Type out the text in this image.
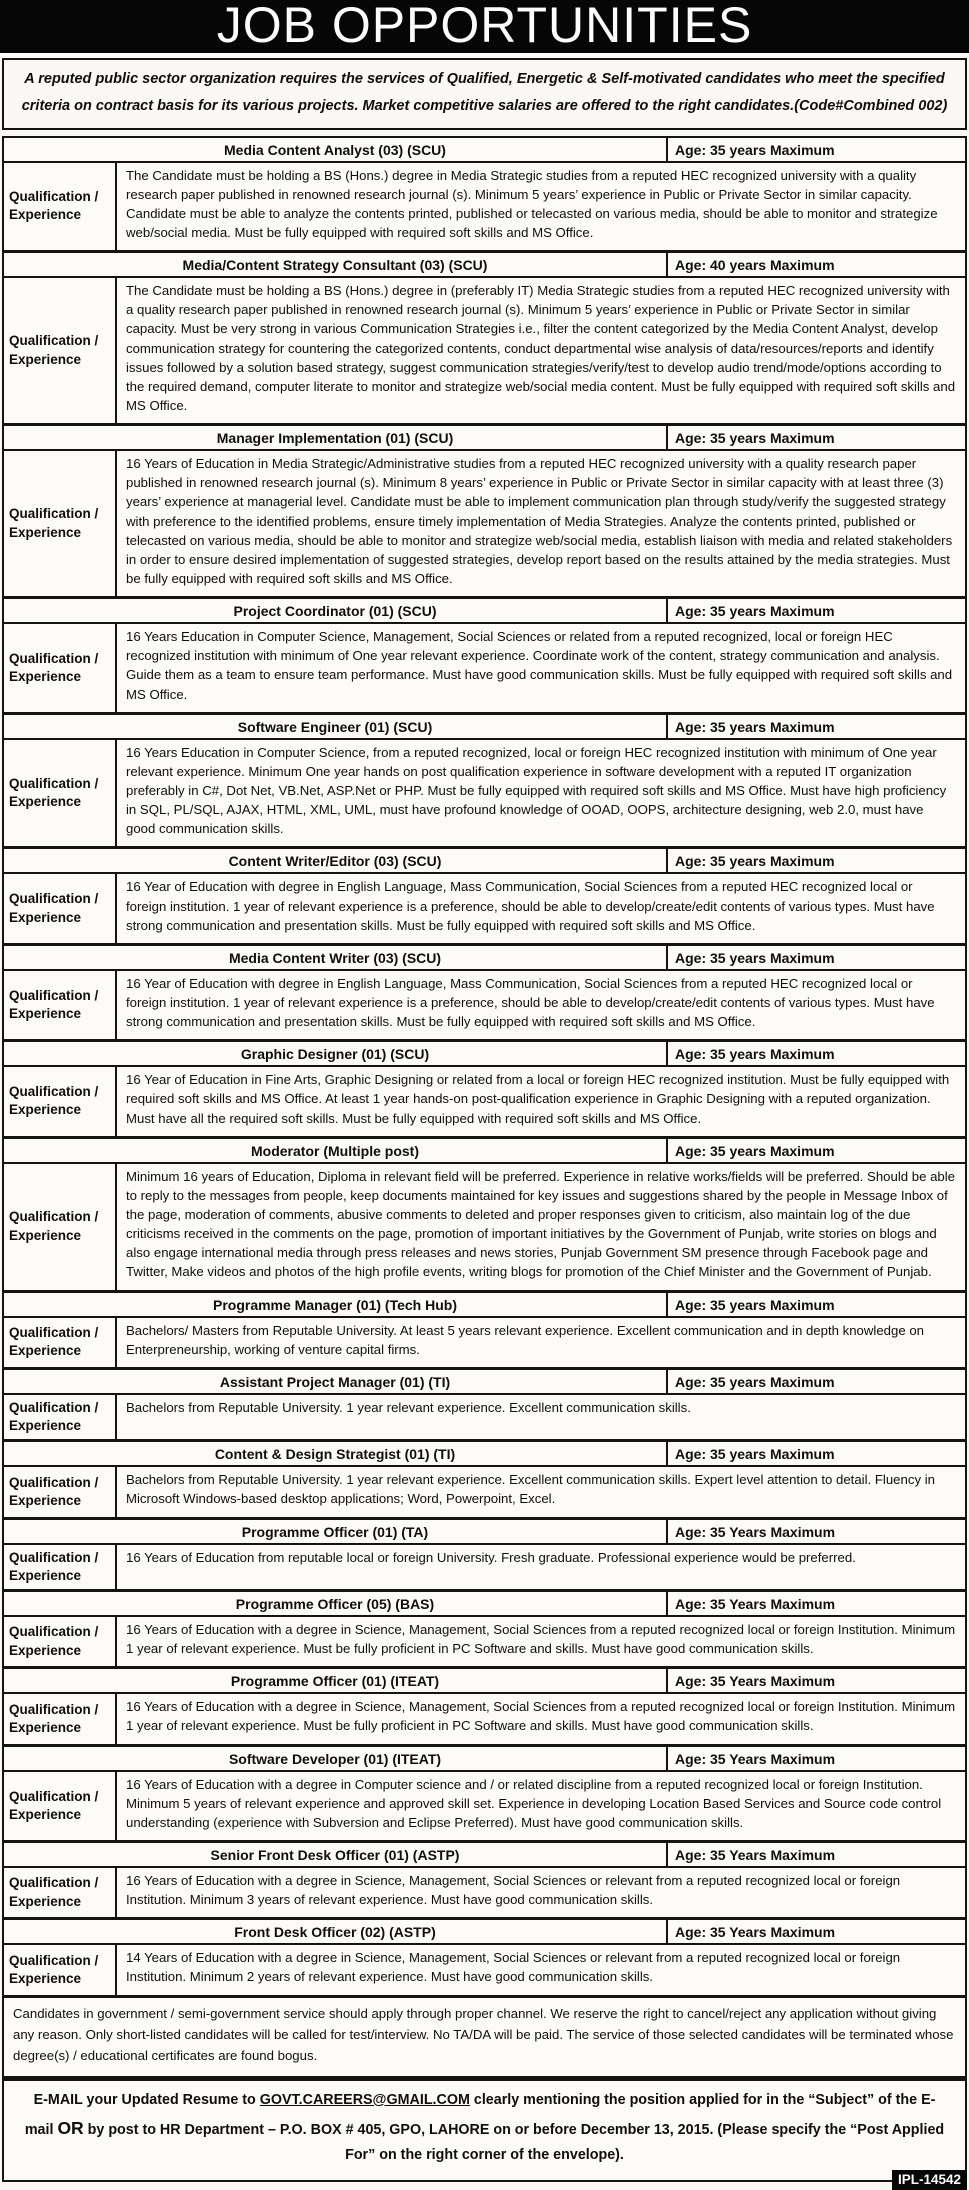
JOB OPPORTUNITIES

A reputed public sector organization requires the services of Qualified, Energetic & Self-motivated candidates who meet the specified criteria on contract basis for its various projects. Market competitive salaries are offered to the right candidates.(Code#Combined 002)

Media Content Analyst (03) (SCU)	Age: 35 years Maximum
Qualification / Experience
The Candidate must be holding a BS (Hons.) degree in Media Strategic studies from a reputed HEC recognized university with a quality research paper published in renowned research journal (s). Minimum 5 years’ experience in Public or Private Sector in similar capacity. Candidate must be able to analyze the contents printed, published or telecasted on various media, should be able to monitor and strategize web/social media. Must be fully equipped with required soft skills and MS Office.
Media/Content Strategy Consultant (03) (SCU)	Age: 40 years Maximum
Qualification / Experience
The Candidate must be holding a BS (Hons.) degree in (preferably IT) Media Strategic studies from a reputed HEC recognized university with a quality research paper published in renowned research journal (s). Minimum 5 years’ experience in Public or Private Sector in similar capacity. Must be very strong in various Communication Strategies i.e., filter the content categorized by the Media Content Analyst, develop communication strategy for countering the categorized contents, conduct departmental wise analysis of data/resources/reports and identify issues followed by a solution based strategy, suggest communication strategies/verify/test to develop audio trend/mode/options according to the required demand, computer literate to monitor and strategize web/social media content. Must be fully equipped with required soft skills and MS Office.
Manager Implementation (01) (SCU)	Age: 35 years Maximum
Qualification / Experience
16 Years of Education in Media Strategic/Administrative studies from a reputed HEC recognized university with a quality research paper published in renowned research journal (s). Minimum 8 years’ experience in Public or Private Sector in similar capacity with at least three (3) years’ experience at managerial level. Candidate must be able to implement communication plan through study/verify the suggested strategy with preference to the identified problems, ensure timely implementation of Media Strategies. Analyze the contents printed, published or telecasted on various media, should be able to monitor and strategize web/social media, establish liaison with media and related stakeholders in order to ensure desired implementation of suggested strategies, develop report based on the results attained by the media strategies. Must be fully equipped with required soft skills and MS Office.
Project Coordinator (01) (SCU)	Age: 35 years Maximum
Qualification / Experience
16 Years Education in Computer Science, Management, Social Sciences or related from a reputed recognized, local or foreign HEC recognized institution with minimum of One year relevant experience. Coordinate work of the content, strategy communication and analysis. Guide them as a team to ensure team performance. Must have good communication skills. Must be fully equipped with required soft skills and MS Office.
Software Engineer (01) (SCU)	Age: 35 years Maximum
Qualification / Experience
16 Years Education in Computer Science, from a reputed recognized, local or foreign HEC recognized institution with minimum of One year relevant experience. Minimum One year hands on post qualification experience in software development with a reputed IT organization preferably in C#, Dot Net, VB.Net, ASP.Net or PHP. Must be fully equipped with required soft skills and MS Office. Must have high proficiency in SQL, PL/SQL, AJAX, HTML, XML, UML, must have profound knowledge of OOAD, OOPS, architecture designing, web 2.0, must have good communication skills.
Content Writer/Editor (03) (SCU)	Age: 35 years Maximum
Qualification / Experience
16 Year of Education with degree in English Language, Mass Communication, Social Sciences from a reputed HEC recognized local or foreign institution. 1 year of relevant experience is a preference, should be able to develop/create/edit contents of various types. Must have strong communication and presentation skills. Must be fully equipped with required soft skills and MS Office.
Media Content Writer (03) (SCU)	Age: 35 years Maximum
Qualification / Experience
16 Year of Education with degree in English Language, Mass Communication, Social Sciences from a reputed HEC recognized local or foreign institution. 1 year of relevant experience is a preference, should be able to develop/create/edit contents of various types. Must have strong communication and presentation skills. Must be fully equipped with required soft skills and MS Office.
Graphic Designer (01) (SCU)	Age: 35 years Maximum
Qualification / Experience
16 Year of Education in Fine Arts, Graphic Designing or related from a local or foreign HEC recognized institution. Must be fully equipped with required soft skills and MS Office. At least 1 year hands-on post-qualification experience in Graphic Designing with a reputed organization. Must have all the required soft skills. Must be fully equipped with required soft skills and MS Office.
Moderator (Multiple post)	Age: 35 years Maximum
Qualification / Experience
Minimum 16 years of Education, Diploma in relevant field will be preferred. Experience in relative works/fields will be preferred. Should be able to reply to the messages from people, keep documents maintained for key issues and suggestions shared by the people in Message Inbox of the page, moderation of comments, abusive comments to deleted and proper responses given to criticism, also maintain log of the due criticisms received in the comments on the page, promotion of important initiatives by the Government of Punjab, write stories on blogs and also engage international media through press releases and news stories, Punjab Government SM presence through Facebook page and Twitter, Make videos and photos of the high profile events, writing blogs for promotion of the Chief Minister and the Government of Punjab.
Programme Manager (01) (Tech Hub)	Age: 35 years Maximum
Qualification / Experience
Bachelors/ Masters from Reputable University. At least 5 years relevant experience. Excellent communication and in depth knowledge on Enterpreneurship, working of venture capital firms.
Assistant Project Manager (01) (TI)	Age: 35 years Maximum
Qualification / Experience
Bachelors from Reputable University. 1 year relevant experience. Excellent communication skills.
Content & Design Strategist (01) (TI)	Age: 35 years Maximum
Qualification / Experience
Bachelors from Reputable University. 1 year relevant experience. Excellent communication skills. Expert level attention to detail. Fluency in Microsoft Windows-based desktop applications; Word, Powerpoint, Excel.
Programme Officer (01) (TA)	Age: 35 Years Maximum
Qualification / Experience
16 Years of Education from reputable local or foreign University. Fresh graduate. Professional experience would be preferred.
Programme Officer (05) (BAS)	Age: 35 Years Maximum
Qualification / Experience
16 Years of Education with a degree in Science, Management, Social Sciences from a reputed recognized local or foreign Institution. Minimum 1 year of relevant experience. Must be fully proficient in PC Software and skills. Must have good communication skills.
Programme Officer (01) (ITEAT)	Age: 35 Years Maximum
Qualification / Experience
16 Years of Education with a degree in Science, Management, Social Sciences from a reputed recognized local or foreign Institution. Minimum 1 year of relevant experience. Must be fully proficient in PC Software and skills. Must have good communication skills.
Software Developer (01) (ITEAT)	Age: 35 Years Maximum
Qualification / Experience
16 Years of Education with a degree in Computer science and / or related discipline from a reputed recognized local or foreign Institution. Minimum 5 years of relevant experience and approved skill set. Experience in developing Location Based Services and Source code control understanding (experience with Subversion and Eclipse Preferred). Must have good communication skills.
Senior Front Desk Officer (01) (ASTP)	Age: 35 Years Maximum
Qualification / Experience
16 Years of Education with a degree in Science, Management, Social Sciences or relevant from a reputed recognized local or foreign Institution. Minimum 3 years of relevant experience. Must have good communication skills.
Front Desk Officer (02) (ASTP)	Age: 35 Years Maximum
Qualification / Experience
14 Years of Education with a degree in Science, Management, Social Sciences or relevant from a reputed recognized local or foreign Institution. Minimum 2 years of relevant experience. Must have good communication skills.

Candidates in government / semi-government service should apply through proper channel. We reserve the right to cancel/reject any application without giving any reason. Only short-listed candidates will be called for test/interview. No TA/DA will be paid. The service of those selected candidates will be terminated whose degree(s) / educational certificates are found bogus.

E-MAIL your Updated Resume to GOVT.CAREERS@GMAIL.COM clearly mentioning the position applied for in the “Subject” of the E-mail OR by post to HR Department – P.O. BOX # 405, GPO, LAHORE on or before December 13, 2015. (Please specify the “Post Applied For” on the right corner of the envelope).

IPL-14542
